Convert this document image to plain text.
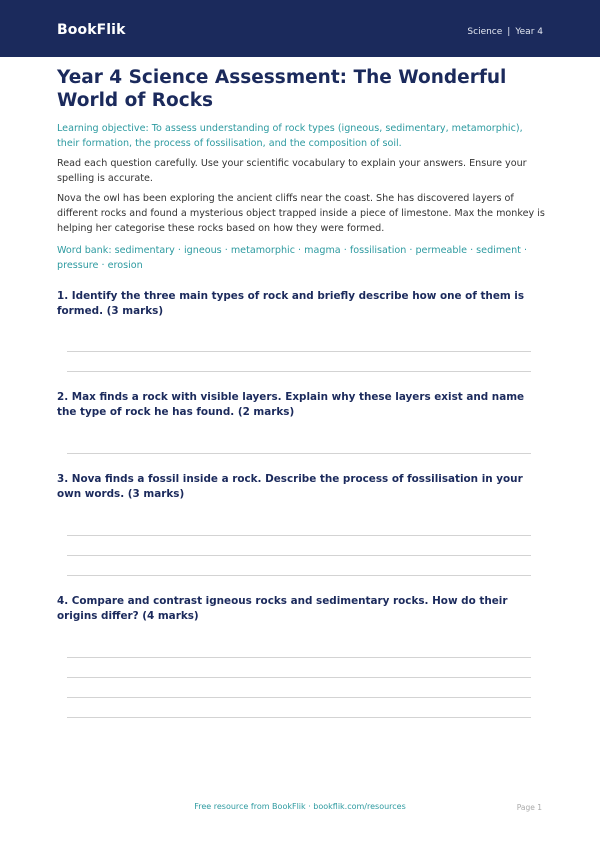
BookFlik	Science | Year 4
Year 4 Science Assessment: The Wonderful World of Rocks

Learning objective: To assess understanding of rock types (igneous, sedimentary, metamorphic), their formation, the process of fossilisation, and the composition of soil.

Read each question carefully. Use your scientific vocabulary to explain your answers. Ensure your spelling is accurate.

Nova the owl has been exploring the ancient cliffs near the coast. She has discovered layers of different rocks and found a mysterious object trapped inside a piece of limestone. Max the monkey is helping her categorise these rocks based on how they were formed.

Word bank: sedimentary · igneous · metamorphic · magma · fossilisation · permeable · sediment · pressure · erosion

1. Identify the three main types of rock and briefly describe how one of them is formed. (3 marks)

2. Max finds a rock with visible layers. Explain why these layers exist and name the type of rock he has found. (2 marks)

3. Nova finds a fossil inside a rock. Describe the process of fossilisation in your own words. (3 marks)

4. Compare and contrast igneous rocks and sedimentary rocks. How do their origins differ? (4 marks)

Free resource from BookFlik · bookflik.com/resources	Page 1
